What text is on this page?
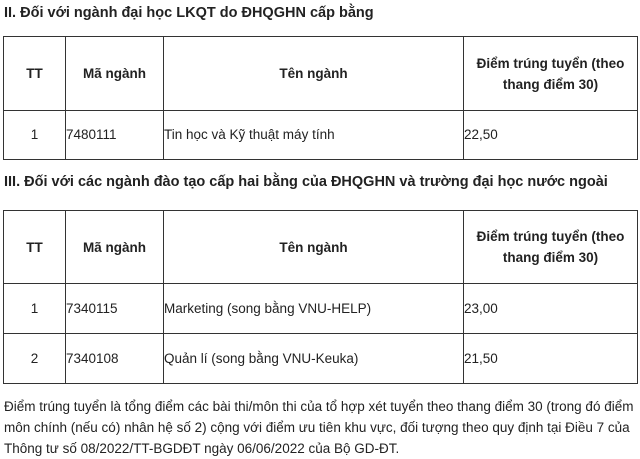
II. Đối với ngành đại học LKQT do ĐHQGHN cấp bằng
TT	Mã ngành	Tên ngành	Điểm trúng tuyển (theo thang điểm 30)
1	7480111	Tin học và Kỹ thuật máy tính	22,50
III. Đối với các ngành đào tạo cấp hai bằng của ĐHQGHN và trường đại học nước ngoài
TT	Mã ngành	Tên ngành	Điểm trúng tuyển (theo thang điểm 30)
1	7340115	Marketing (song bằng VNU-HELP)	23,00
2	7340108	Quản lí (song bằng VNU-Keuka)	21,50
Điểm trúng tuyển là tổng điểm các bài thi/môn thi của tổ hợp xét tuyển theo thang điểm 30 (trong đó điểm môn chính (nếu có) nhân hệ số 2) cộng với điểm ưu tiên khu vực, đối tượng theo quy định tại Điều 7 của Thông tư số 08/2022/TT-BGDĐT ngày 06/06/2022 của Bộ GD-ĐT.
